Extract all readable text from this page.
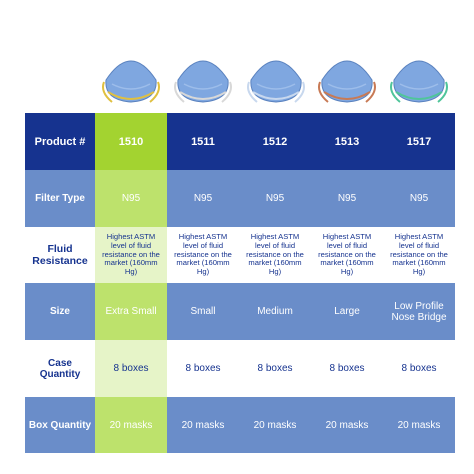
Product #	1510	1511	1512	1513	1517
Filter Type	N95	N95	N95	N95	N95
Fluid Resistance	Highest ASTM level of fluid resistance on the market (160mm Hg)	Highest ASTM level of fluid resistance on the market (160mm Hg)	Highest ASTM level of fluid resistance on the market (160mm Hg)	Highest ASTM level of fluid resistance on the market (160mm Hg)	Highest ASTM level of fluid resistance on the market (160mm Hg)
Size	Extra Small	Small	Medium	Large	Low Profile Nose Bridge
Case Quantity	8 boxes	8 boxes	8 boxes	8 boxes	8 boxes
Box Quantity	20 masks	20 masks	20 masks	20 masks	20 masks
